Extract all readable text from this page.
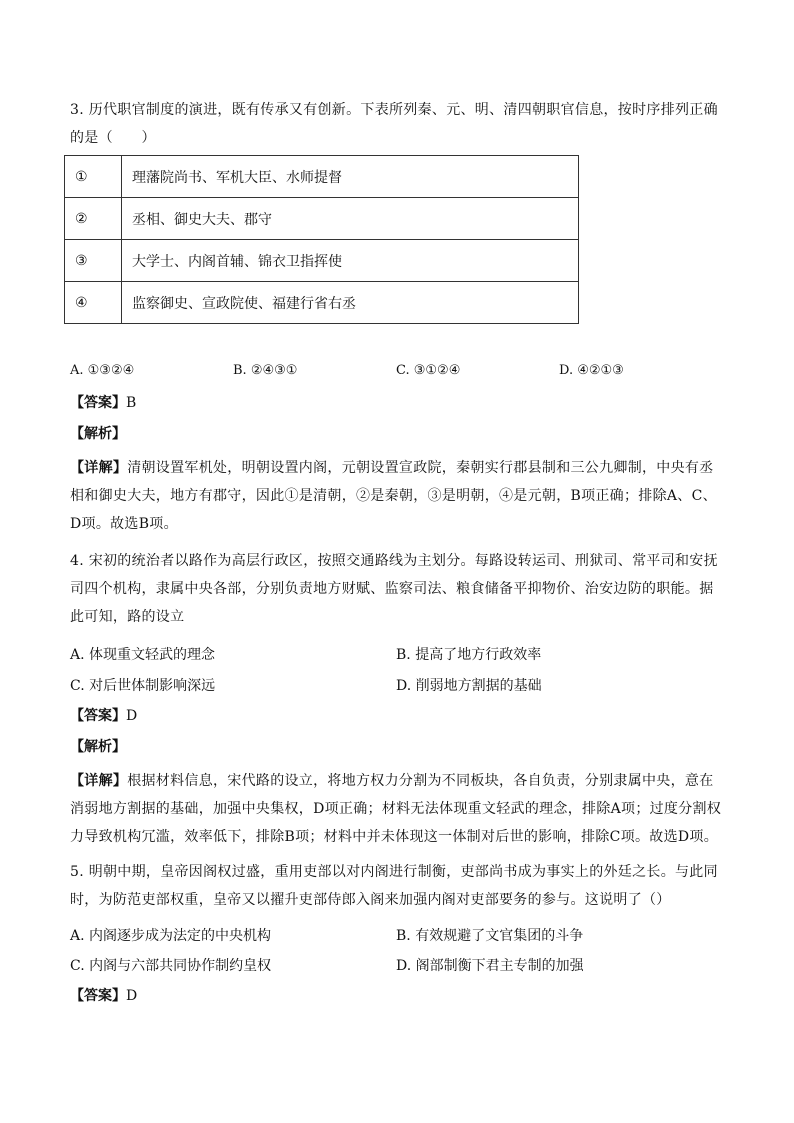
3. 历代职官制度的演进，既有传承又有创新。下表所列秦、元、明、清四朝职官信息，按时序排列正确的是（　　）
①	理藩院尚书、军机大臣、水师提督
②	丞相、御史大夫、郡守
③	大学士、内阁首辅、锦衣卫指挥使
④	监察御史、宣政院使、福建行省右丞
A. ①③②④	B. ②④③①	C. ③①②④	D. ④②①③
【答案】B
【解析】
【详解】清朝设置军机处，明朝设置内阁，元朝设置宣政院，秦朝实行郡县制和三公九卿制，中央有丞相和御史大夫，地方有郡守，因此①是清朝，②是秦朝，③是明朝，④是元朝，B项正确；排除A、C、D项。故选B项。
4. 宋初的统治者以路作为高层行政区，按照交通路线为主划分。每路设转运司、刑狱司、常平司和安抚司四个机构，隶属中央各部，分别负责地方财赋、监察司法、粮食储备平抑物价、治安边防的职能。据此可知，路的设立
A. 体现重文轻武的理念	B. 提高了地方行政效率
C. 对后世体制影响深远	D. 削弱地方割据的基础
【答案】D
【解析】
【详解】根据材料信息，宋代路的设立，将地方权力分割为不同板块，各自负责，分别隶属中央，意在消弱地方割据的基础，加强中央集权，D项正确；材料无法体现重文轻武的理念，排除A项；过度分割权力导致机构冗滥，效率低下，排除B项；材料中并未体现这一体制对后世的影响，排除C项。故选D项。
5. 明朝中期，皇帝因阁权过盛，重用吏部以对内阁进行制衡，吏部尚书成为事实上的外廷之长。与此同时，为防范吏部权重，皇帝又以擢升吏部侍郎入阁来加强内阁对吏部要务的参与。这说明了（）
A. 内阁逐步成为法定的中央机构	B. 有效规避了文官集团的斗争
C. 内阁与六部共同协作制约皇权	D. 阁部制衡下君主专制的加强
【答案】D
